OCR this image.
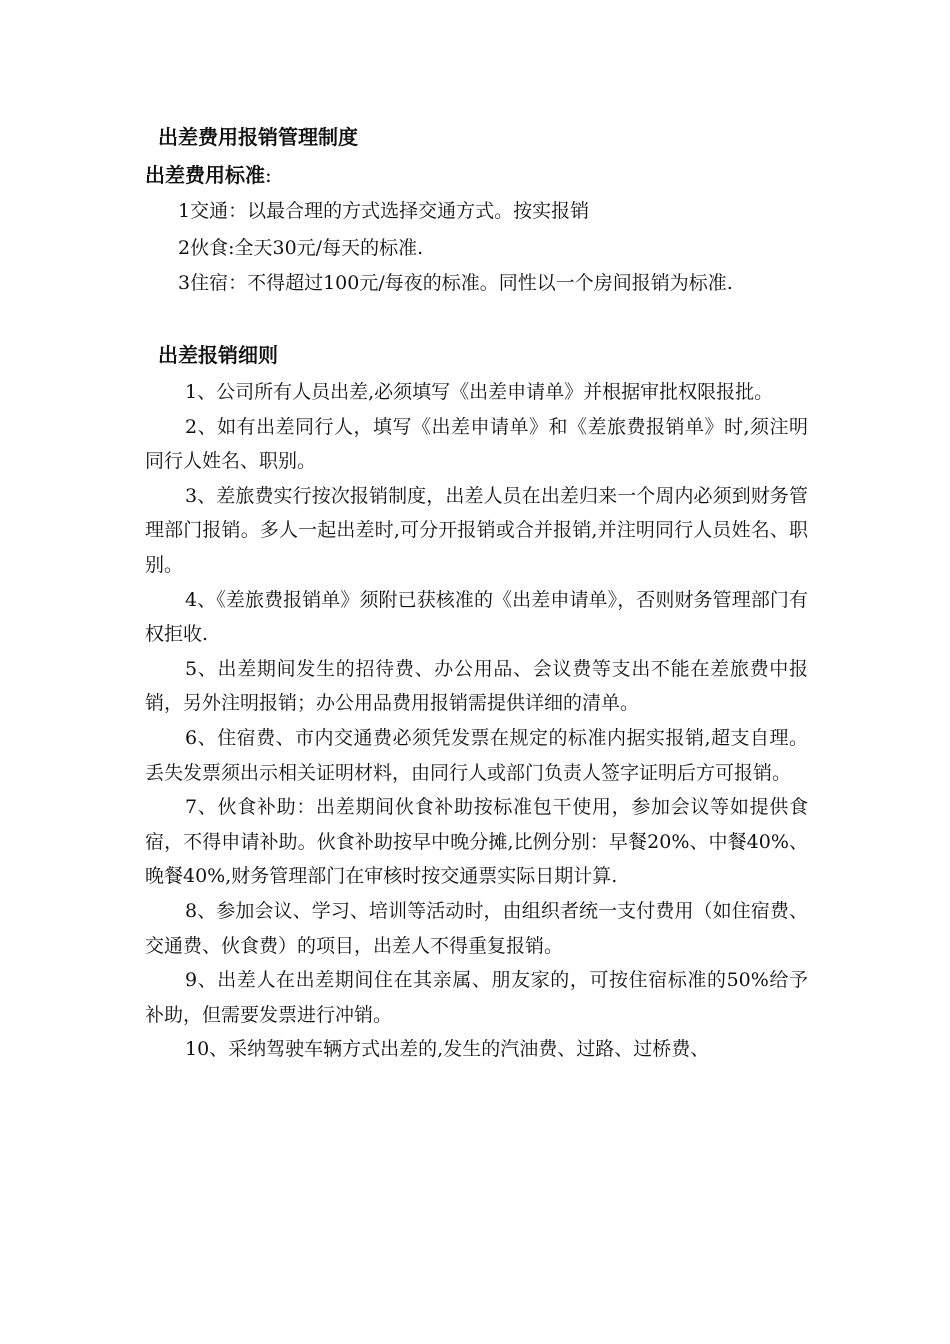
出差费用报销管理制度
出差费用标准:

1交通：以最合理的方式选择交通方式。按实报销

2伙食:全天30元/每天的标准.

3住宿：不得超过100元/每夜的标准。同性以一个房间报销为标准.

出差报销细则

1、公司所有人员出差,必须填写《出差申请单》并根据审批权限报批。

2、如有出差同行人，填写《出差申请单》和《差旅费报销单》时,须注明同行人姓名、职别。

3、差旅费实行按次报销制度，出差人员在出差归来一个周内必须到财务管理部门报销。多人一起出差时,可分开报销或合并报销,并注明同行人员姓名、职别。

4、《差旅费报销单》须附已获核准的《出差申请单》，否则财务管理部门有权拒收.

5、出差期间发生的招待费、办公用品、会议费等支出不能在差旅费中报销，另外注明报销；办公用品费用报销需提供详细的清单。

6、住宿费、市内交通费必须凭发票在规定的标准内据实报销,超支自理。丢失发票须出示相关证明材料，由同行人或部门负责人签字证明后方可报销。

7、伙食补助：出差期间伙食补助按标准包干使用，参加会议等如提供食宿，不得申请补助。伙食补助按早中晚分摊,比例分别：早餐20%、中餐40%、晚餐40%,财务管理部门在审核时按交通票实际日期计算.

8、参加会议、学习、培训等活动时，由组织者统一支付费用（如住宿费、交通费、伙食费）的项目，出差人不得重复报销。

9、出差人在出差期间住在其亲属、朋友家的，可按住宿标准的50%给予补助，但需要发票进行冲销。

10、采纳驾驶车辆方式出差的,发生的汽油费、过路、过桥费、
